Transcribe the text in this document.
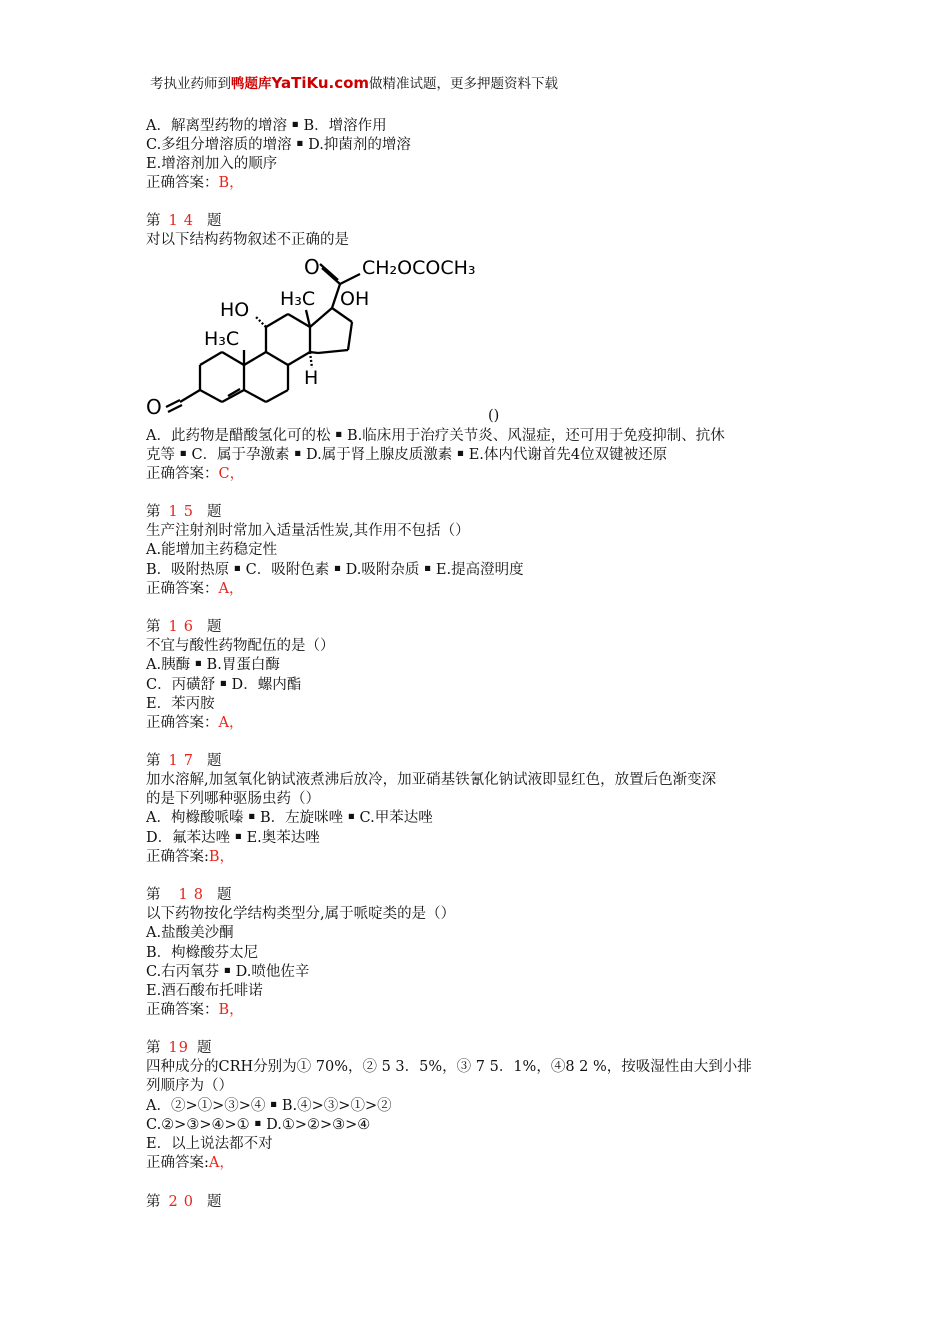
考执业药师到鸭题库YaTiKu.com做精准试题，更多押题资料下载
A．解离型药物的增溶 ￭ B．增溶作用
C.多组分增溶质的增溶 ￭ D.抑菌剂的增溶
E.增溶剂加入的顺序
正确答案：B，
第 14 题
对以下结构药物叙述不正确的是
O
O CH₂OCOCH₃
OH
HO H₃C
H₃C
H
()
A．此药物是醋酸氢化可的松 ￭ B.临床用于治疗关节炎、风湿症，还可用于免疫抑制、抗休
克等 ￭ C．属于孕激素 ￭ D.属于肾上腺皮质激素 ￭ E.体内代谢首先4位双键被还原
正确答案：C，
第 15 题
生产注射剂时常加入适量活性炭,其作用不包括（）
A.能增加主药稳定性
B．吸附热原 ￭ C．吸附色素 ￭ D.吸附杂质 ￭ E.提高澄明度
正确答案：A，
第 16 题
不宜与酸性药物配伍的是（）
A.胰酶 ￭ B.胃蛋白酶
C．丙磺舒 ￭ D．螺内酯
E．苯丙胺
正确答案：A，
第 17 题
加水溶解,加氢氧化钠试液煮沸后放冷，加亚硝基铁氰化钠试液即显红色，放置后色渐变深
的是下列哪种驱肠虫药（）
A．枸橼酸哌嗪 ￭ B．左旋咪唑 ￭ C.甲苯达唑
D．氟苯达唑 ￭ E.奥苯达唑
正确答案:B，
第 18 题
以下药物按化学结构类型分,属于哌啶类的是（）
A.盐酸美沙酮
B．枸橼酸芬太尼
C.右丙氧芬 ￭ D.喷他佐辛
E.酒石酸布托啡诺
正确答案：B，
第 19 题
四种成分的CRH分别为① 70%，② 5 3．5%，③ 7 5．1%，④8 2 %，按吸湿性由大到小排
列顺序为（）
A．②>①>③>④ ￭ B.④>③>①>②
C.②>③>④>① ￭ D.①>②>③>④
E．以上说法都不对
正确答案:A，
第 20 题
